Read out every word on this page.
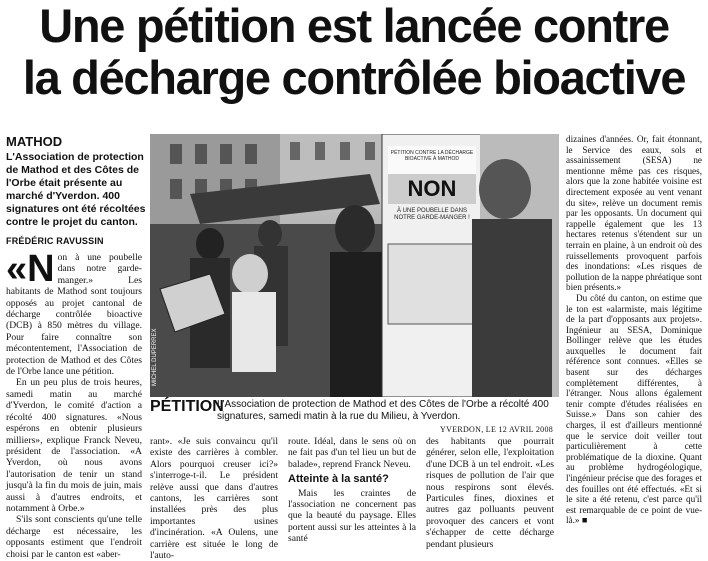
Une pétition est lancée contre
la décharge contrôlée bioactive
MATHOD
L'Association de protection de Mathod et des Côtes de l'Orbe était présente au marché d'Yverdon. 400 signatures ont été récoltées contre le projet du canton.
FRÉDÉRIC RAVUSSIN

«Non à une poubelle dans notre garde-manger.» Les habitants de Mathod sont toujours opposés au projet cantonal de décharge contrôlée bioactive (DCB) à 850 mètres du village. Pour faire connaître son mécontentement, l'Association de protection de Mathod et des Côtes de l'Orbe lance une pétition.

En un peu plus de trois heures, samedi matin au marché d'Yverdon, le comité d'action a récolté 400 signatures. «Nous espérons en obtenir plusieurs milliers», explique Franck Neveu, président de l'association. «A Yverdon, où nous avons l'autorisation de tenir un stand jusqu'à la fin du mois de juin, mais aussi à d'autres endroits, et notamment à Orbe.»

S'ils sont conscients qu'une telle décharge est nécessaire, les opposants estiment que l'endroit choisi par le canton est «aber-

PÉTITION CONTRE LA DÉCHARGE BIOACTIVE À MATHOD
NON
À UNE POUBELLE DANS NOTRE GARDE-MANGER !
MICHEL DUPERREX
PÉTITION
L'Association de protection de Mathod et des Côtes de l'Orbe a récolté 400 signatures, samedi matin à la rue du Milieu, à Yverdon.
YVERDON, LE 12 AVRIL 2008

rant». «Je suis convaincu qu'il existe des carrières à combler. Alors pourquoi creuser ici?» s'interroge-t-il. Le président relève aussi que dans d'autres cantons, les carrières sont installées près des plus importantes usines d'incinération. «A Oulens, une carrière est située le long de l'auto-

route. Idéal, dans le sens où on ne fait pas d'un tel lieu un but de balade», reprend Franck Neveu.

Atteinte à la santé?

Mais les craintes de l'association ne concernent pas que la beauté du paysage. Elles portent aussi sur les atteintes à la santé

des habitants que pourrait générer, selon elle, l'exploitation d'une DCB à un tel endroit. «Les risques de pollution de l'air que nous respirons sont élevés. Particules fines, dioxines et autres gaz polluants peuvent provoquer des cancers et vont s'échapper de cette décharge pendant plusieurs

dizaines d'années. Or, fait étonnant, le Service des eaux, sols et assainissement (SESA) ne mentionne même pas ces risques, alors que la zone habitée voisine est directement exposée au vent venant du site», relève un document remis par les opposants. Un document qui rappelle également que les 13 hectares retenus s'étendent sur un terrain en plaine, à un endroit où des ruissellements provoquent parfois des inondations: «Les risques de pollution de la nappe phréatique sont bien présents.»

Du côté du canton, on estime que le ton est «alarmiste, mais légitime de la part d'opposants aux projets». Ingénieur au SESA, Dominique Bollinger relève que les études auxquelles le document fait référence sont connues. «Elles se basent sur des décharges complètement différentes, à l'étranger. Nous allons également tenir compte d'études réalisées en Suisse.» Dans son cahier des charges, il est d'ailleurs mentionné que le service doit veiller tout particulièrement à cette problématique de la dioxine. Quant au problème hydrogéologique, l'ingénieur précise que des forages et des fouilles ont été effectués. «Et si le site a été retenu, c'est parce qu'il est remarquable de ce point de vue-là.» ■
